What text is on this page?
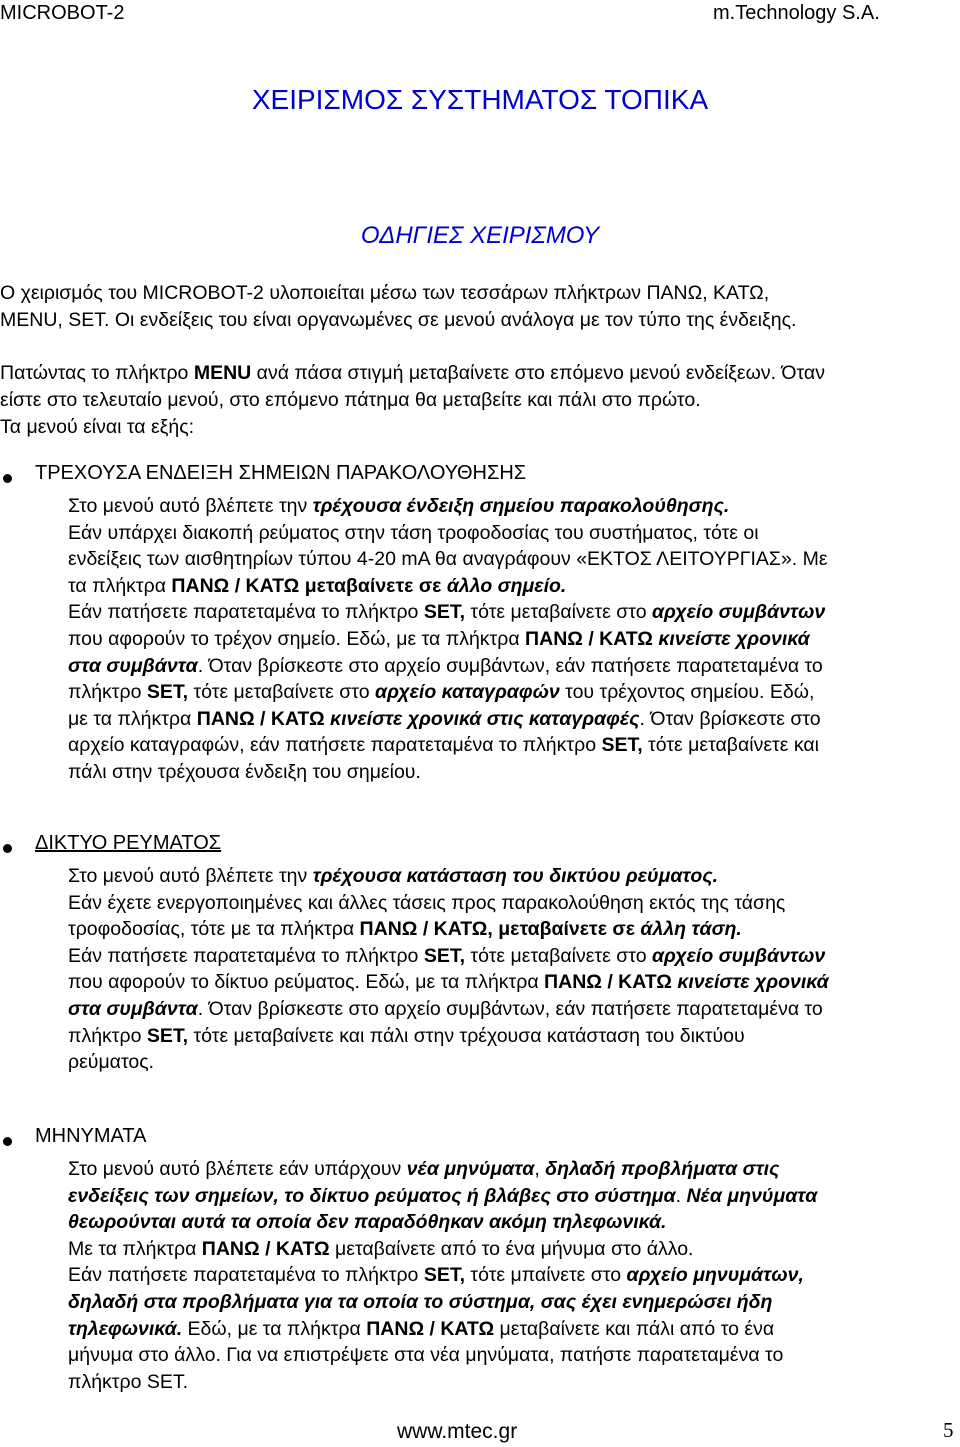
MICROBOT-2	m.Technology S.A.
ΧΕΙΡΙΣΜΟΣ ΣΥΣΤΗΜΑΤΟΣ ΤΟΠΙΚΑ
ΟΔΗΓΙΕΣ ΧΕΙΡΙΣΜΟΥ
Ο χειρισμός του MICROBOT-2 υλοποιείται μέσω των τεσσάρων πλήκτρων ΠΑΝΩ, ΚΑΤΩ,
MENU, SET. Οι ενδείξεις του είναι οργανωμένες σε μενού ανάλογα με τον τύπο της ένδειξης.
Πατώντας το πλήκτρο MENU ανά πάσα στιγμή μεταβαίνετε στο επόμενο μενού ενδείξεων. Όταν
είστε στο τελευταίο μενού, στο επόμενο πάτημα θα μεταβείτε και πάλι στο πρώτο.
Τα μενού είναι τα εξής:
ΤΡΕΧΟΥΣΑ ΕΝΔΕΙΞΗ ΣΗΜΕΙΩΝ ΠΑΡΑΚΟΛΟΥΘΗΣΗΣ
Στο μενού αυτό βλέπετε την τρέχουσα ένδειξη σημείου παρακολούθησης.
Εάν υπάρχει διακοπή ρεύματος στην τάση τροφοδοσίας του συστήματος, τότε οι
ενδείξεις των αισθητηρίων τύπου 4-20 mA θα αναγράφουν «ΕΚΤΟΣ ΛΕΙΤΟΥΡΓΙΑΣ». Με
τα πλήκτρα ΠΑΝΩ / ΚΑΤΩ μεταβαίνετε σε άλλο σημείο.
Εάν πατήσετε παρατεταμένα το πλήκτρο SET, τότε μεταβαίνετε στο αρχείο συμβάντων
που αφορούν το τρέχον σημείο. Εδώ, με τα πλήκτρα ΠΑΝΩ / ΚΑΤΩ κινείστε χρονικά
στα συμβάντα. Όταν βρίσκεστε στο αρχείο συμβάντων, εάν πατήσετε παρατεταμένα το
πλήκτρο SET, τότε μεταβαίνετε στο αρχείο καταγραφών του τρέχοντος σημείου. Εδώ,
με τα πλήκτρα ΠΑΝΩ / ΚΑΤΩ κινείστε χρονικά στις καταγραφές. Όταν βρίσκεστε στο
αρχείο καταγραφών, εάν πατήσετε παρατεταμένα το πλήκτρο SET, τότε μεταβαίνετε και
πάλι στην τρέχουσα ένδειξη του σημείου.
ΔΙΚΤΥΟ ΡΕΥΜΑΤΟΣ
Στο μενού αυτό βλέπετε την τρέχουσα κατάσταση του δικτύου ρεύματος.
Εάν έχετε ενεργοποιημένες και άλλες τάσεις προς παρακολούθηση εκτός της τάσης
τροφοδοσίας, τότε με τα πλήκτρα ΠΑΝΩ / ΚΑΤΩ, μεταβαίνετε σε άλλη τάση.
Εάν πατήσετε παρατεταμένα το πλήκτρο SET, τότε μεταβαίνετε στο αρχείο συμβάντων
που αφορούν το δίκτυο ρεύματος. Εδώ, με τα πλήκτρα ΠΑΝΩ / ΚΑΤΩ κινείστε χρονικά
στα συμβάντα. Όταν βρίσκεστε στο αρχείο συμβάντων, εάν πατήσετε παρατεταμένα το
πλήκτρο SET, τότε μεταβαίνετε και πάλι στην τρέχουσα κατάσταση του δικτύου
ρεύματος.
ΜΗΝΥΜΑΤΑ
Στο μενού αυτό βλέπετε εάν υπάρχουν νέα μηνύματα, δηλαδή προβλήματα στις
ενδείξεις των σημείων, το δίκτυο ρεύματος ή βλάβες στο σύστημα. Νέα μηνύματα
θεωρούνται αυτά τα οποία δεν παραδόθηκαν ακόμη τηλεφωνικά.
Με τα πλήκτρα ΠΑΝΩ / ΚΑΤΩ μεταβαίνετε από το ένα μήνυμα στο άλλο.
Εάν πατήσετε παρατεταμένα το πλήκτρο SET, τότε μπαίνετε στο αρχείο μηνυμάτων,
δηλαδή στα προβλήματα για τα οποία το σύστημα, σας έχει ενημερώσει ήδη
τηλεφωνικά. Εδώ, με τα πλήκτρα ΠΑΝΩ / ΚΑΤΩ μεταβαίνετε και πάλι από το ένα
μήνυμα στο άλλο. Για να επιστρέψετε στα νέα μηνύματα, πατήστε παρατεταμένα το
πλήκτρο SET.
www.mtec.gr	5
